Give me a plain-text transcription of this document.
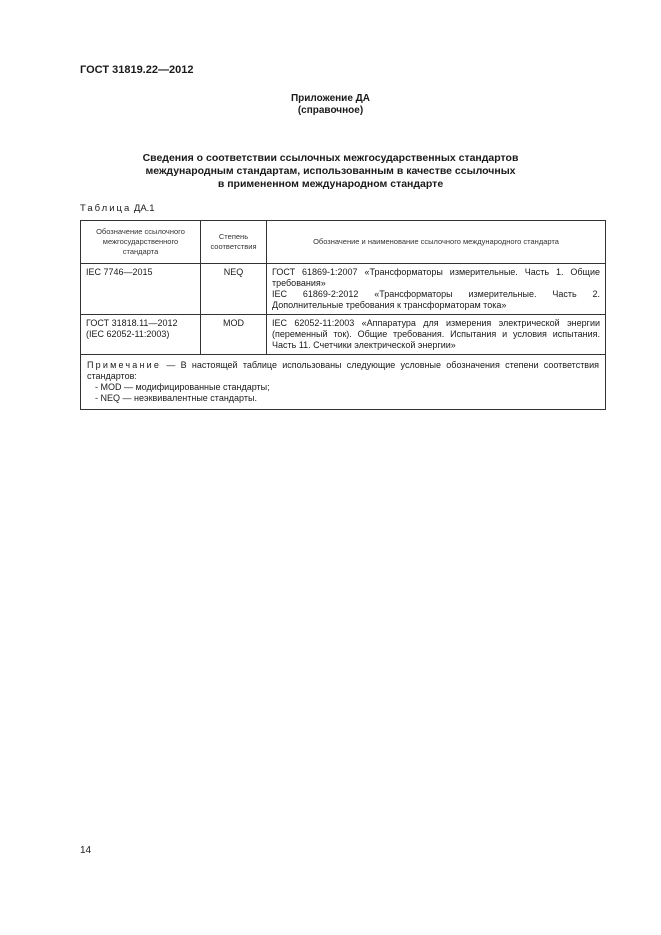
ГОСТ 31819.22—2012
Приложение ДА
(справочное)
Сведения о соответствии ссылочных межгосударственных стандартов
международным стандартам, использованным в качестве ссылочных
в примененном международном стандарте
Таблица ДА.1
Обозначение ссылочного межгосударственного стандарта	Степень соответствия	Обозначение и наименование ссылочного международного стандарта

IEC 7746—2015	NEQ	ГОСТ 61869-1:2007 «Трансформаторы измерительные. Часть 1. Общие требования»
IEC 61869-2:2012 «Трансформаторы измерительные. Часть 2. Дополнительные требования к трансформаторам тока»

ГОСТ 31818.11—2012
(IEC 62052-11:2003)	MOD	IEC 62052-11:2003 «Аппаратура для измерения электрической энергии (переменный ток). Общие требования. Испытания и условия испытания. Часть 11. Счетчики электрической энергии»

Примечание — В настоящей таблице использованы следующие условные обозначения степени соответствия стандартов:
- MOD — модифицированные стандарты;
- NEQ — неэквивалентные стандарты.		
14
